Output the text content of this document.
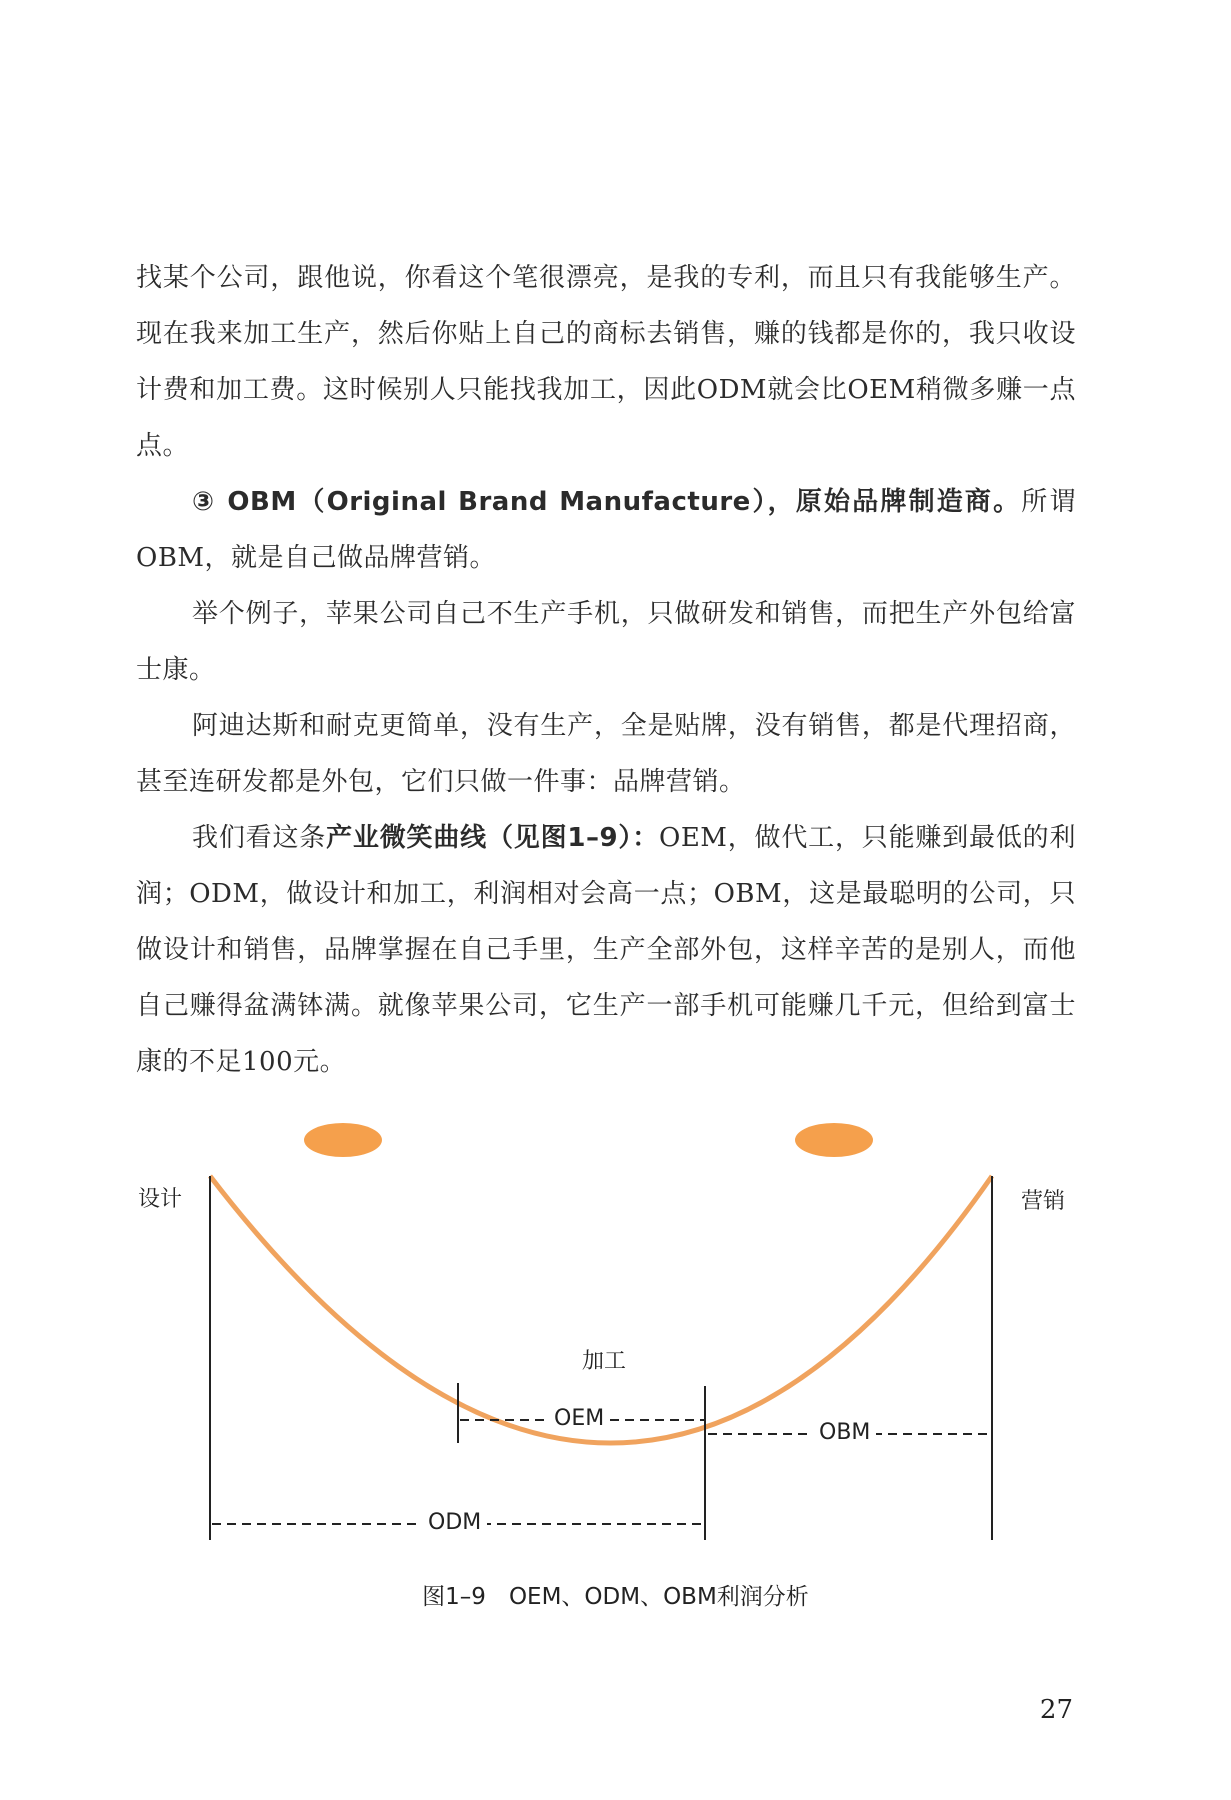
找某个公司，跟他说，你看这个笔很漂亮，是我的专利，而且只有我能够生产。现在我来加工生产，然后你贴上自己的商标去销售，赚的钱都是你的，我只收设计费和加工费。这时候别人只能找我加工，因此ODM就会比OEM稍微多赚一点点。

③ OBM（Original Brand Manufacture），原始品牌制造商。所谓OBM，就是自己做品牌营销。

举个例子，苹果公司自己不生产手机，只做研发和销售，而把生产外包给富士康。

阿迪达斯和耐克更简单，没有生产，全是贴牌，没有销售，都是代理招商，甚至连研发都是外包，它们只做一件事：品牌营销。

我们看这条产业微笑曲线（见图1–9）：OEM，做代工，只能赚到最低的利润；ODM，做设计和加工，利润相对会高一点；OBM，这是最聪明的公司，只做设计和销售，品牌掌握在自己手里，生产全部外包，这样辛苦的是别人，而他自己赚得盆满钵满。就像苹果公司，它生产一部手机可能赚几千元，但给到富士康的不足100元。

设计	营销
加工
OEM
OBM
ODM
图1–9　OEM、ODM、OBM利润分析
27
